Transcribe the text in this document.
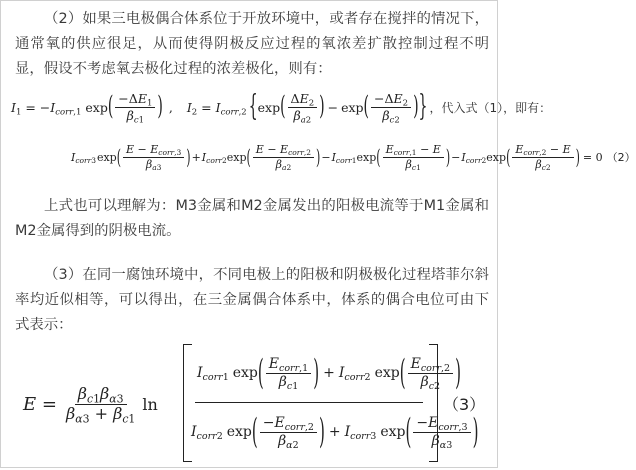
（2）如果三电极偶合体系位于开放环境中，或者存在搅拌的情况下，通常氧的供应很足，从而使得阴极反应过程的氧浓差扩散控制过程不明显，假设不考虑氧去极化过程的浓差极化，则有：

$I_1 = -I_{corr,1}$ exp ( $\frac{-\Delta E_1}{\beta_{c1}}$ ) , $I_2 = I_{corr,2}$ { exp ( $\frac{\Delta E_2}{\beta_{a2}}$ ) − exp ( $\frac{-\Delta E_2}{\beta_{c2}}$ ) } ，代入式（1），即有：
$I_{corr3}$ exp ( $\frac{E - E_{corr,3}}{\beta_{a3}}$ ) + $I_{corr2}$ exp ( $\frac{E - E_{corr,2}}{\beta_{a2}}$ ) − $I_{corr1}$ exp ( $\frac{E_{corr,1} - E}{\beta_{c1}}$ ) − $I_{corr2}$ exp ( $\frac{E_{corr,2} - E}{\beta_{c2}}$ ) = 0 （2）

上式也可以理解为：M3金属和M2金属发出的阳极电流等于M1金属和M2金属得到的阴极电流。

（3）在同一腐蚀环境中，不同电极上的阳极和阴极极化过程塔菲尔斜率均近似相等，可以得出，在三金属偶合体系中，体系的偶合电位可由下式表示：

$E = \frac{\beta_{c1}\beta_{\alpha 3}}{\beta_{\alpha 3} + \beta_{c1}}$ ln
$I_{corr1}$ exp ( $\frac{E_{corr,1}}{\beta_{c1}}$ ) + $I_{corr2}$ exp ( $\frac{E_{corr,2}}{\beta_{c2}}$ )
$I_{corr2}$ exp ( $\frac{-E_{corr,2}}{\beta_{\alpha 2}}$ ) + $I_{corr3}$ exp ( $\frac{-E_{corr,3}}{\beta_{\alpha 3}}$ )
（3）
